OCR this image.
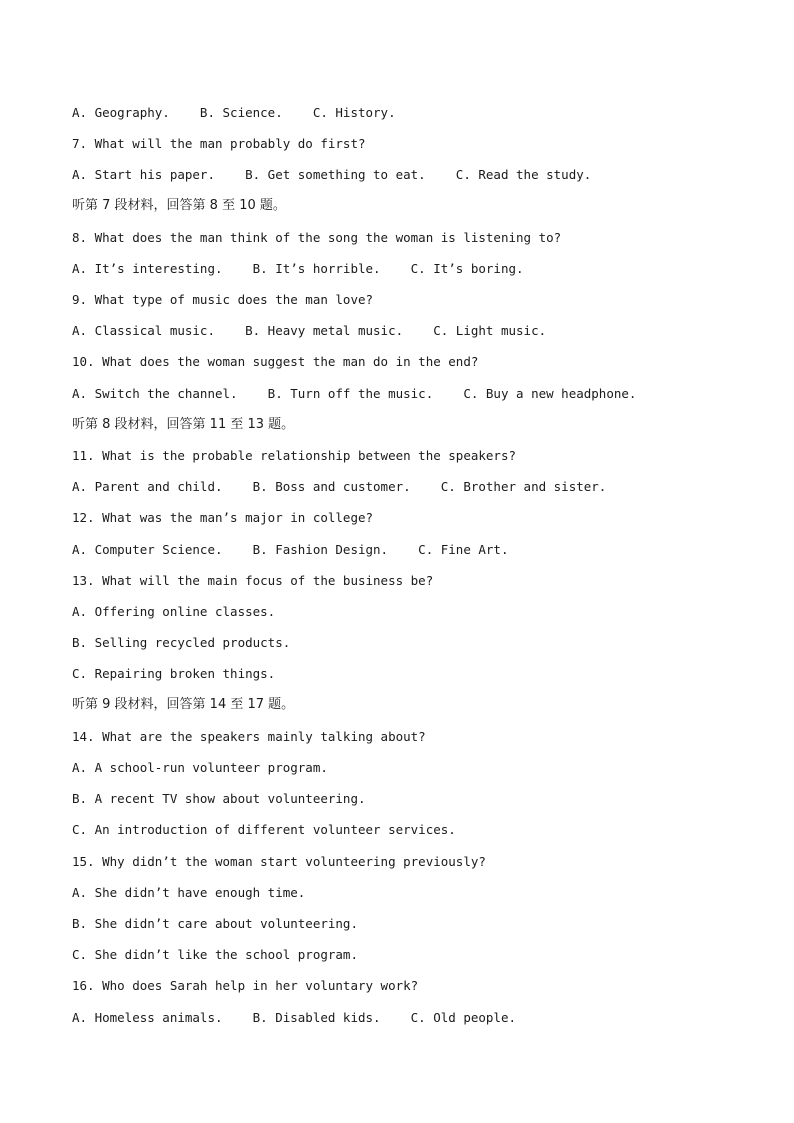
A. Geography.    B. Science.    C. History.
7. What will the man probably do first?
A. Start his paper.    B. Get something to eat.    C. Read the study.
听第 7 段材料，回答第 8 至 10 题。
8. What does the man think of the song the woman is listening to?
A. It’s interesting.    B. It’s horrible.    C. It’s boring.
9. What type of music does the man love?
A. Classical music.    B. Heavy metal music.    C. Light music.
10. What does the woman suggest the man do in the end?
A. Switch the channel.    B. Turn off the music.    C. Buy a new headphone.
听第 8 段材料，回答第 11 至 13 题。
11. What is the probable relationship between the speakers?
A. Parent and child.    B. Boss and customer.    C. Brother and sister.
12. What was the man’s major in college?
A. Computer Science.    B. Fashion Design.    C. Fine Art.
13. What will the main focus of the business be?
A. Offering online classes.
B. Selling recycled products.
C. Repairing broken things.
听第 9 段材料，回答第 14 至 17 题。
14. What are the speakers mainly talking about?
A. A school-run volunteer program.
B. A recent TV show about volunteering.
C. An introduction of different volunteer services.
15. Why didn’t the woman start volunteering previously?
A. She didn’t have enough time.
B. She didn’t care about volunteering.
C. She didn’t like the school program.
16. Who does Sarah help in her voluntary work?
A. Homeless animals.    B. Disabled kids.    C. Old people.
